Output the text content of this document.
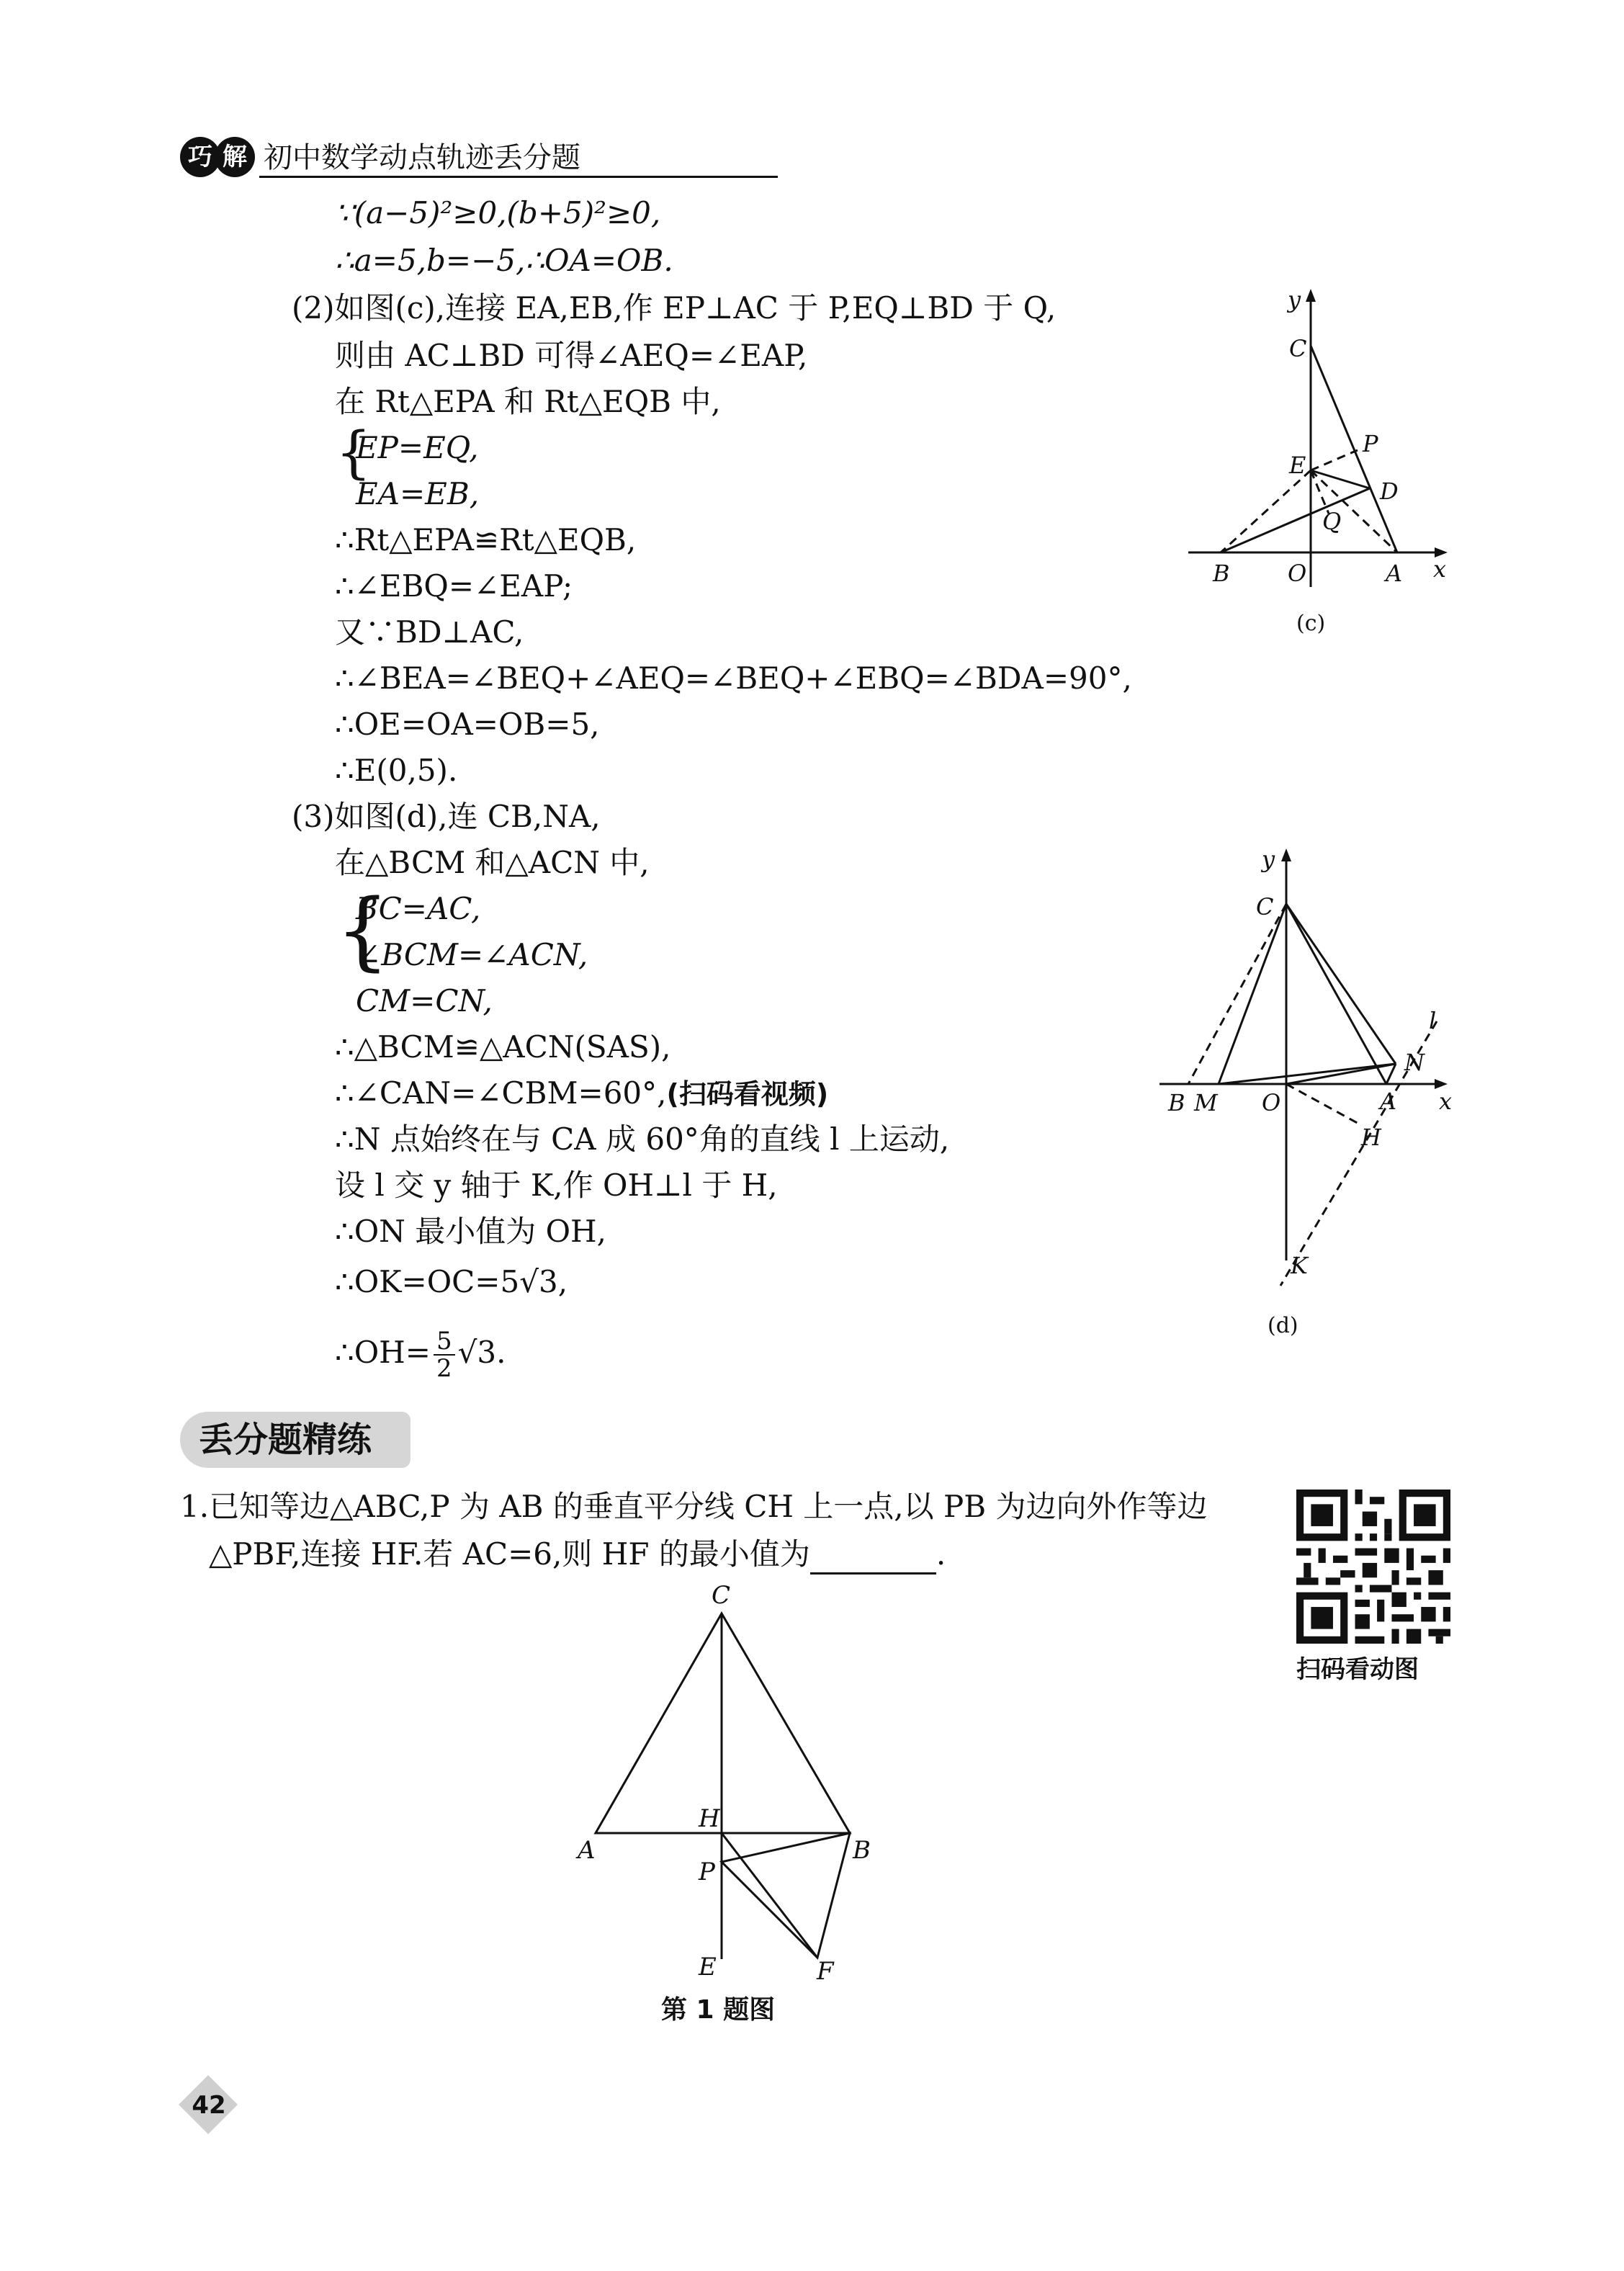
巧 解 初中数学动点轨迹丢分题
∵(a−5)²≥0,(b+5)²≥0,
∴a=5,b=−5,∴OA=OB.
(2)如图(c),连接 EA,EB,作 EP⊥AC 于 P,EQ⊥BD 于 Q,
则由 AC⊥BD 可得∠AEQ=∠EAP,
在 Rt△EPA 和 Rt△EQB 中,
{
EP=EQ,
EA=EB,
∴Rt△EPA≌Rt△EQB,
∴∠EBQ=∠EAP;
又∵BD⊥AC,
∴∠BEA=∠BEQ+∠AEQ=∠BEQ+∠EBQ=∠BDA=90°,
∴OE=OA=OB=5,
∴E(0,5).
(3)如图(d),连 CB,NA,
在△BCM 和△ACN 中,
{
BC=AC,
∠BCM=∠ACN,
CM=CN,
∴△BCM≌△ACN(SAS),
∴∠CAN=∠CBM=60°,(扫码看视频)
∴N 点始终在与 CA 成 60°角的直线 l 上运动,
设 l 交 y 轴于 K,作 OH⊥l 于 H,
∴ON 最小值为 OH,
∴OK=OC=5√3,
∴OH= $\frac{5}{2} √3$.
y
C
P
E
D
Q
B	O	A x
(c)
y
C
l
N
B M O	A x
H
K
(d)
丢分题精练
1.已知等边△ABC,P 为 AB 的垂直平分线 CH 上一点,以 PB 为边向外作等边
△PBF,连接 HF.若 AC=6,则 HF 的最小值为	.
扫码看动图
C
H
A	B
P
E	F
第 1 题图
42
